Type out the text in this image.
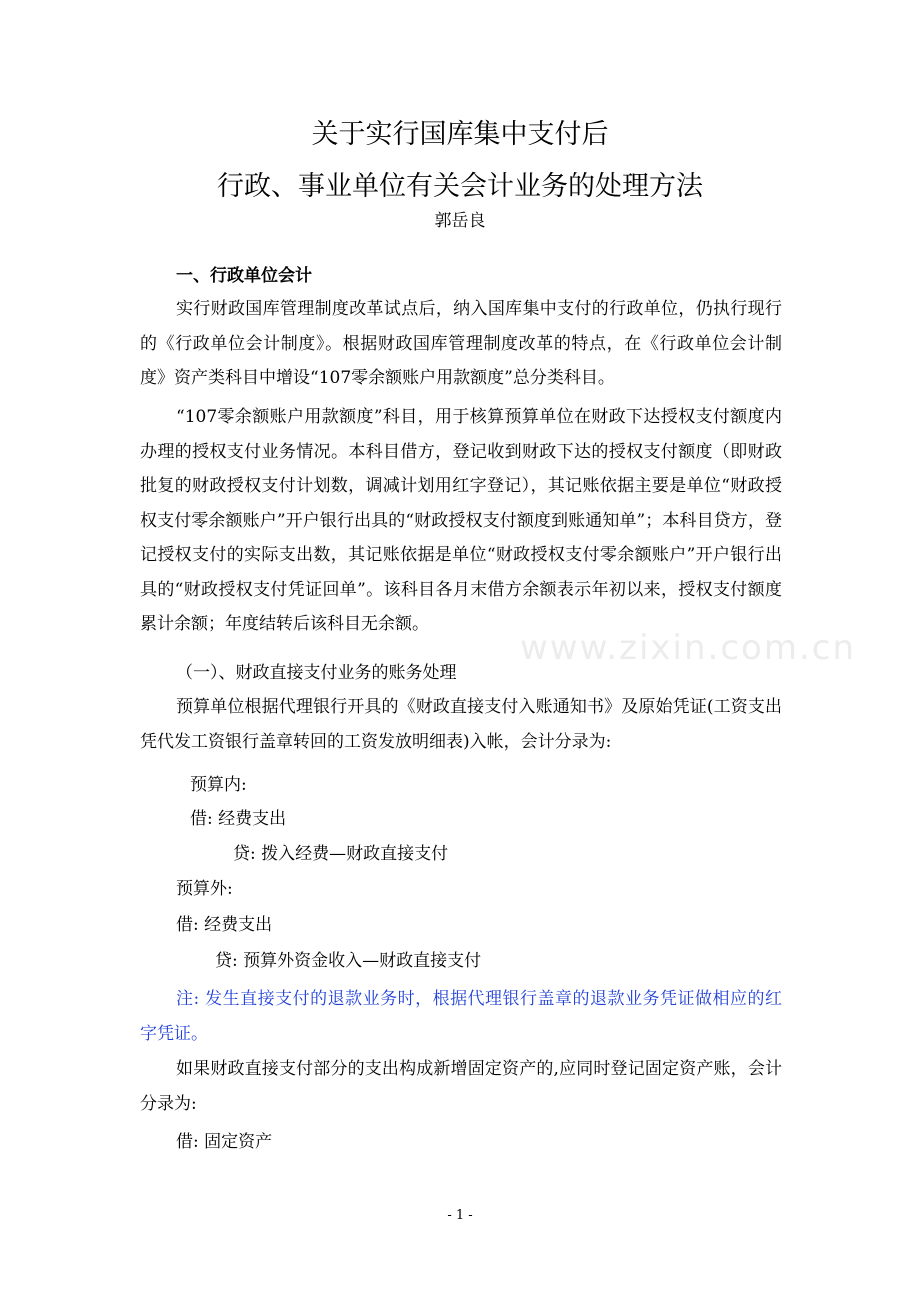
关于实行国库集中支付后
行政、事业单位有关会计业务的处理方法
郭岳良
一、行政单位会计

实行财政国库管理制度改革试点后，纳入国库集中支付的行政单位，仍执行现行的《行政单位会计制度》。根据财政国库管理制度改革的特点，在《行政单位会计制度》资产类科目中增设“107零余额账户用款额度”总分类科目。

“107零余额账户用款额度”科目，用于核算预算单位在财政下达授权支付额度内办理的授权支付业务情况。本科目借方，登记收到财政下达的授权支付额度（即财政批复的财政授权支付计划数，调减计划用红字登记），其记账依据主要是单位“财政授权支付零余额账户”开户银行出具的“财政授权支付额度到账通知单”；本科目贷方，登记授权支付的实际支出数，其记账依据是单位“财政授权支付零余额账户”开户银行出具的“财政授权支付凭证回单”。该科目各月末借方余额表示年初以来，授权支付额度累计余额；年度结转后该科目无余额。

（一）、财政直接支付业务的账务处理

预算单位根据代理银行开具的《财政直接支付入账通知书》及原始凭证(工资支出凭代发工资银行盖章转回的工资发放明细表)入帐，会计分录为:

预算内:
借: 经费支出
贷: 拨入经费—财政直接支付
预算外:
借: 经费支出
贷: 预算外资金收入—财政直接支付

注: 发生直接支付的退款业务时，根据代理银行盖章的退款业务凭证做相应的红字凭证。

如果财政直接支付部分的支出构成新增固定资产的,应同时登记固定资产账，会计分录为:

借: 固定资产
www.zixin.com.cn
- 1 -
